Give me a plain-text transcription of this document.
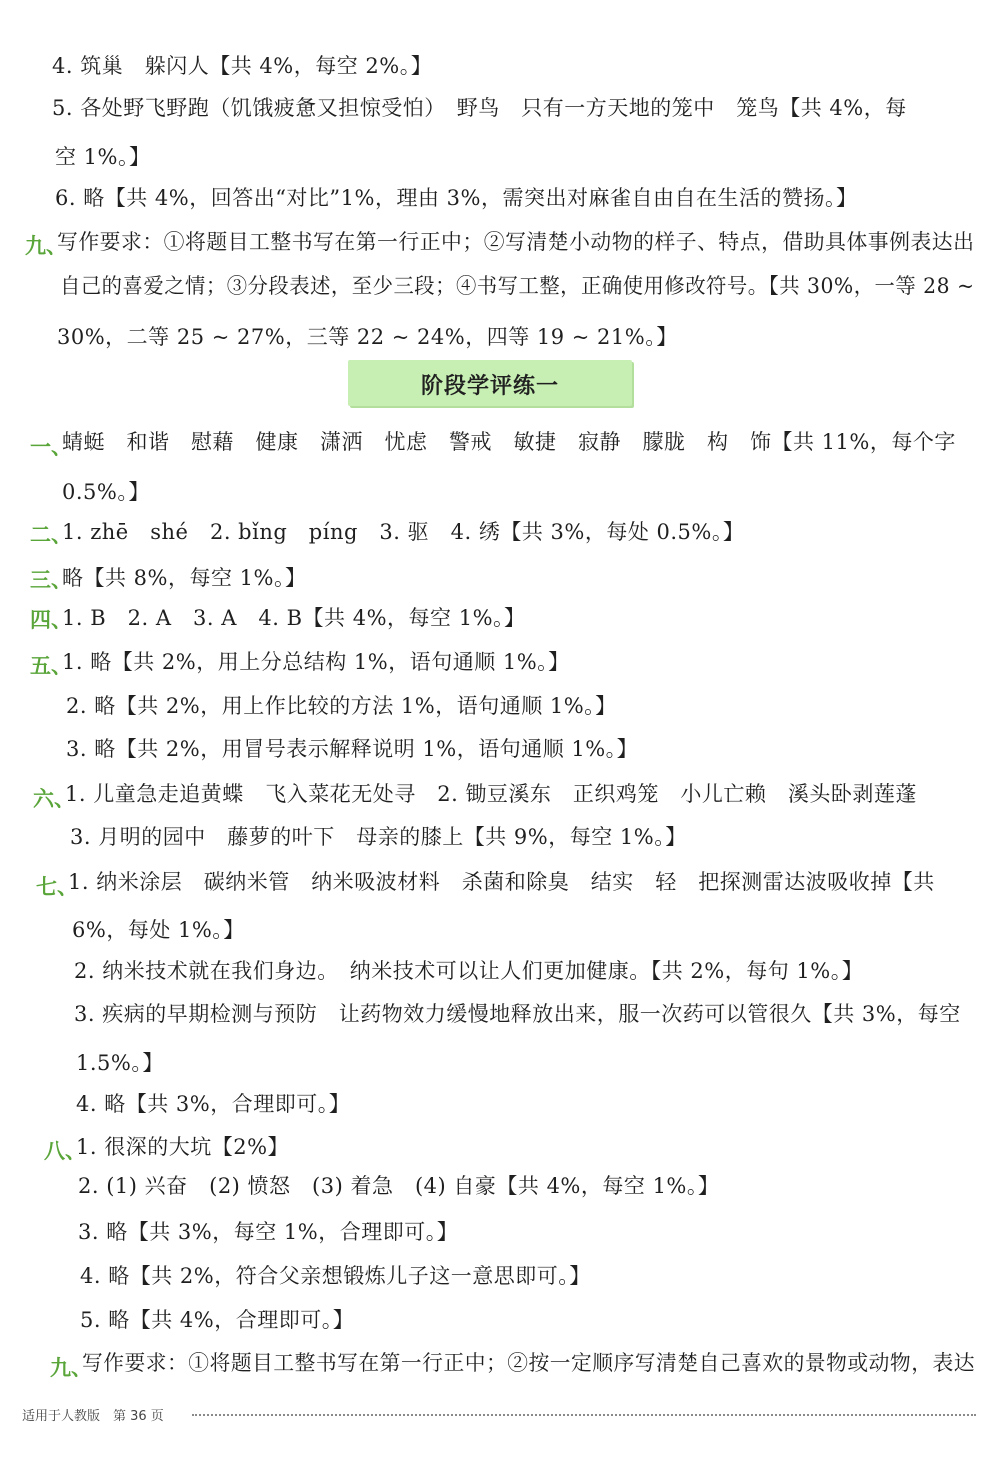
4. 筑巢　躲闪人【共 4%，每空 2%。】
5. 各处野飞野跑（饥饿疲惫又担惊受怕）　野鸟　只有一方天地的笼中　笼鸟【共 4%，每
空 1%。】
6. 略【共 4%，回答出“对比”1%，理由 3%，需突出对麻雀自由自在生活的赞扬。】
九、
写作要求：①将题目工整书写在第一行正中；②写清楚小动物的样子、特点，借助具体事例表达出
自己的喜爱之情；③分段表述，至少三段；④书写工整，正确使用修改符号。【共 30%，一等 28 ~
30%，二等 25 ~ 27%，三等 22 ~ 24%，四等 19 ~ 21%。】
阶段学评练一
一、
蜻蜓　和谐　慰藉　健康　潇洒　忧虑　警戒　敏捷　寂静　朦胧　构　饰【共 11%，每个字
0.5%。】
二、
1. zhē　shé　2. bǐng　píng　3. 驱　4. 绣【共 3%，每处 0.5%。】
三、
略【共 8%，每空 1%。】
四、
1. B　2. A　3. A　4. B【共 4%，每空 1%。】
五、
1. 略【共 2%，用上分总结构 1%，语句通顺 1%。】
2. 略【共 2%，用上作比较的方法 1%，语句通顺 1%。】
3. 略【共 2%，用冒号表示解释说明 1%，语句通顺 1%。】
六、
1. 儿童急走追黄蝶　飞入菜花无处寻　2. 锄豆溪东　正织鸡笼　小儿亡赖　溪头卧剥莲蓬
3. 月明的园中　藤萝的叶下　母亲的膝上【共 9%，每空 1%。】
七、
1. 纳米涂层　碳纳米管　纳米吸波材料　杀菌和除臭　结实　轻　把探测雷达波吸收掉【共
6%，每处 1%。】
2. 纳米技术就在我们身边。　纳米技术可以让人们更加健康。【共 2%，每句 1%。】
3. 疾病的早期检测与预防　让药物效力缓慢地释放出来，服一次药可以管很久【共 3%，每空
1.5%。】
4. 略【共 3%，合理即可。】
八、
1. 很深的大坑【2%】
2. (1) 兴奋　(2) 愤怒　(3) 着急　(4) 自豪【共 4%，每空 1%。】
3. 略【共 3%，每空 1%，合理即可。】
4. 略【共 2%，符合父亲想锻炼儿子这一意思即可。】
5. 略【共 4%，合理即可。】
九、
写作要求：①将题目工整书写在第一行正中；②按一定顺序写清楚自己喜欢的景物或动物，表达
适用于人教版　第 36 页
